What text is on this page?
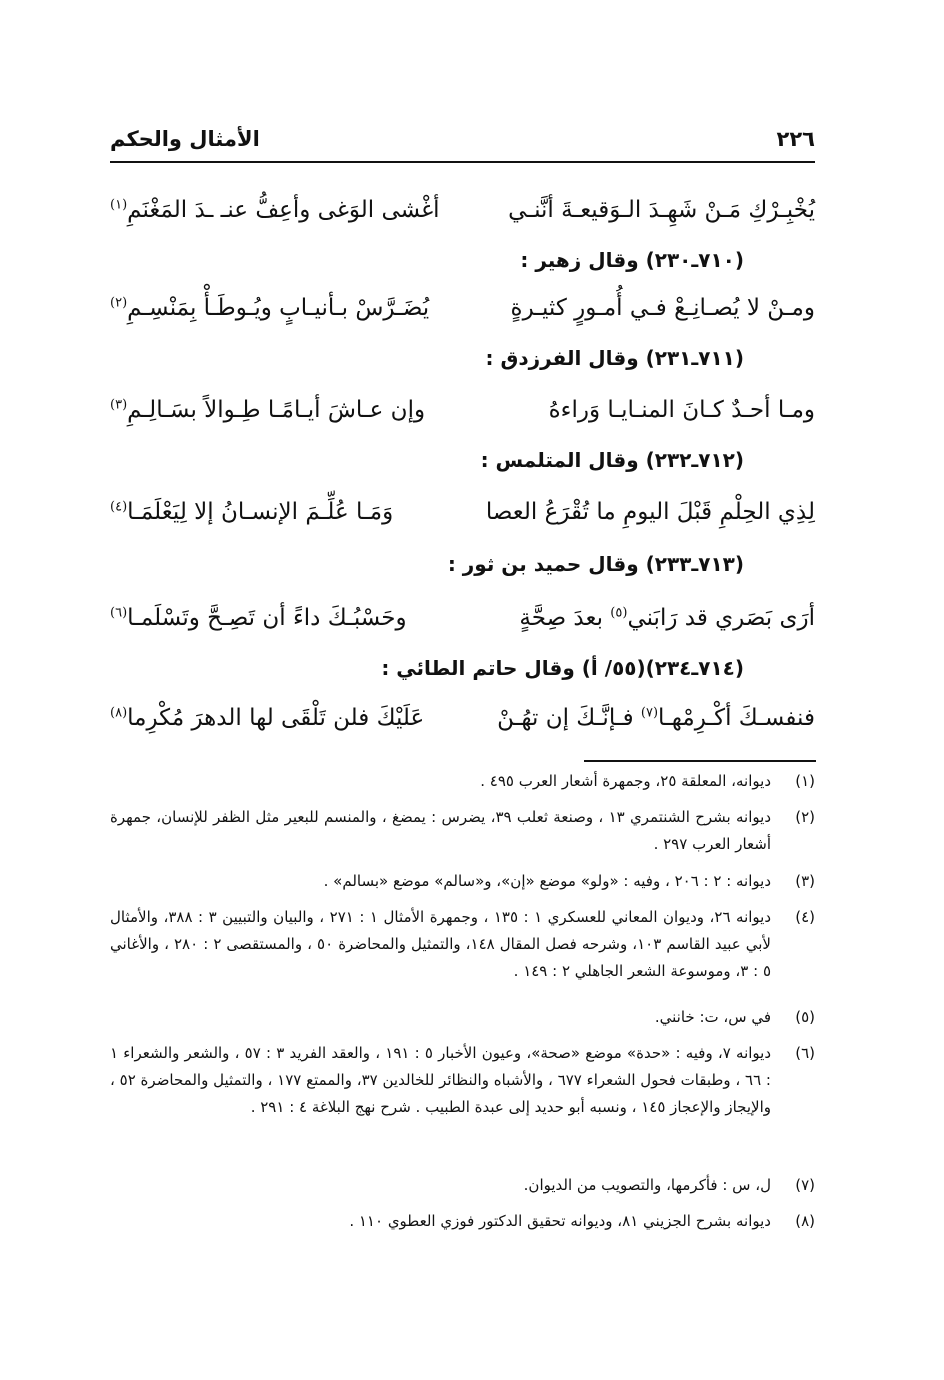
٢٢٦
الأمثال والحكم
يُخْبِـرْكِ مَـنْ شَهِـدَ الـوَقيعـةَ أنَّنـي
أغْشى الوَغى وأعِفُّ عنـ ـدَ المَغْنَمِ$^{(١)}$
(٧١٠ـ٢٣٠) وقال زهير :
ومـنْ لا يُصـانِـعْ فـي أُمـورٍ كثيـرةٍ
يُضَـرَّسْ بـأنيـابٍ ويُـوطَـأْ بِمَنْسِـمِ$^{(٢)}$
(٧١١ـ٢٣١) وقال الفرزدق :
ومـا أحـدٌ كـانَ المنـايـا وَراءهُ
وإن عـاشَ أيـامًـا طِـوالاً بسَـالِـمِ$^{(٣)}$
(٧١٢ـ٢٣٢) وقال المتلمس :
لِذِي الحِلْمِ قَبْلَ اليومِ ما تُقْرَعُ العصا
وَمَـا عُلِّـمَ الإنسـانُ إلا لِيَعْلَمَـا$^{(٤)}$
(٧١٣ـ٢٣٣) وقال حميد بن ثور :
أرَى بَصَري قد رَابَني$^{(٥)}$ بعدَ صِحَّةٍ
وحَسْبُـكَ داءً أن تَصِـحَّ وتَسْلَمـا$^{(٦)}$
(٧١٤ـ٢٣٤)(٥٥/ أ) وقال حاتم الطائي :
فنفسـكَ أكْـرِمْهـا$^{(٧)}$ فـإنَّـكَ إن تهُـنْ
عَلَيْكَ فلن تَلْقَى لها الدهرَ مُكْرِما$^{(٨)}$
(١)
ديوانه، المعلقة ٢٥، وجمهرة أشعار العرب ٤٩٥ .
(٢)
ديوانه بشرح الشنتمري ١٣ ، وصنعة ثعلب ٣٩، يضرس : يمضغ ، والمنسم للبعير مثل الظفر للإنسان، جمهرة أشعار العرب ٢٩٧ .
(٣)
ديوانه : ٢ : ٢٠٦ ، وفيه : «ولو» موضع «إن»، و«سالم» موضع «بسالم» .
(٤)
ديوانه ٢٦، وديوان المعاني للعسكري ١ : ١٣٥ ، وجمهرة الأمثال ١ : ٢٧١ ، والبيان والتبيين ٣ : ٣٨٨، والأمثال لأبي عبيد القاسم ١٠٣، وشرحه فصل المقال ١٤٨، والتمثيل والمحاضرة ٥٠ ، والمستقصى ٢ : ٢٨٠ ، والأغاني ٥ : ٣، وموسوعة الشعر الجاهلي ٢ : ١٤٩ .
(٥)
في س، ت: خانني.
(٦)
ديوانه ٧، وفيه : «حدة» موضع «صحة»، وعيون الأخبار ٥ : ١٩١ ، والعقد الفريد ٣ : ٥٧ ، والشعر والشعراء ١ : ٦٦ ، وطبقات فحول الشعراء ٦٧٧ ، والأشباه والنظائر للخالدين ٣٧، والممتع ١٧٧ ، والتمثيل والمحاضرة ٥٢ ، والإيجاز والإعجاز ١٤٥ ، ونسبه أبو حديد إلى عبدة الطبيب . شرح نهج البلاغة ٤ : ٢٩١ .
(٧)
ل، س : فأكرمها، والتصويب من الديوان.
(٨)
ديوانه بشرح الجزيني ٨١، وديوانه تحقيق الدكتور فوزي العطوي ١١٠ .
